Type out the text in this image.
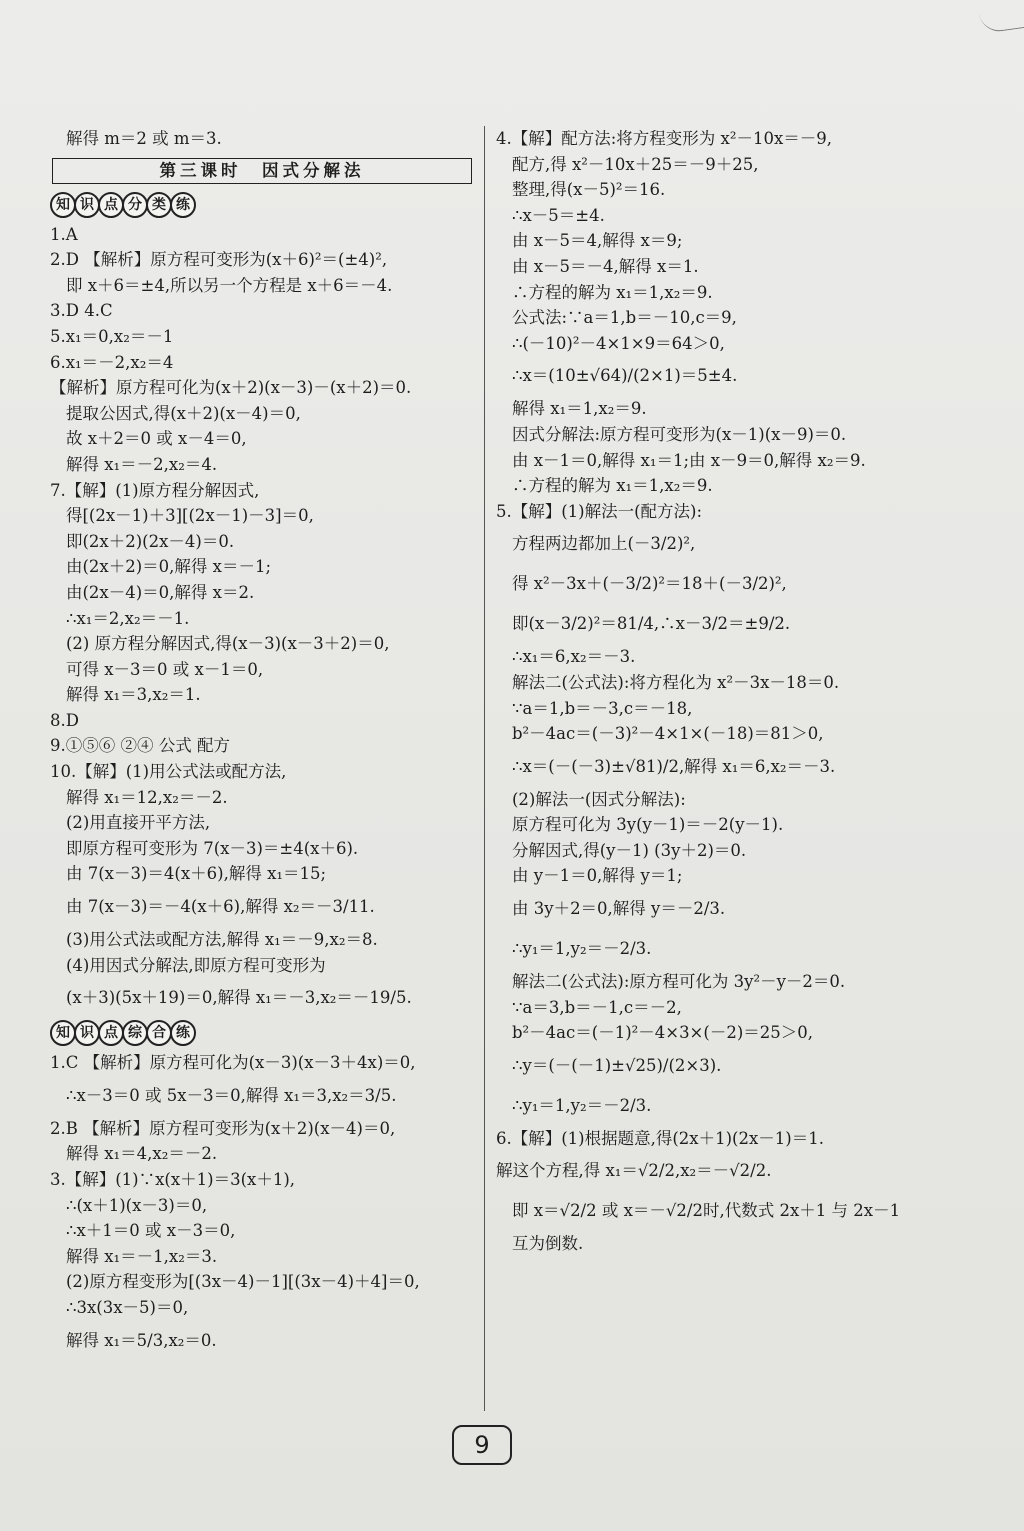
解得 m＝2 或 m＝3.
第三课时　因式分解法
知 识 点 分 类 练
1.A
2.D 【解析】原方程可变形为(x＋6)²＝(±4)²,
即 x＋6＝±4,所以另一个方程是 x＋6＝－4.
3.D 4.C
5.x₁＝0,x₂＝－1
6.x₁＝－2,x₂＝4
【解析】原方程可化为(x＋2)(x－3)－(x＋2)＝0.
提取公因式,得(x＋2)(x－4)＝0,
故 x＋2＝0 或 x－4＝0,
解得 x₁＝－2,x₂＝4.
7.【解】(1)原方程分解因式,
得[(2x－1)＋3][(2x－1)－3]＝0,
即(2x＋2)(2x－4)＝0.
由(2x＋2)＝0,解得 x＝－1;
由(2x－4)＝0,解得 x＝2.
∴x₁＝2,x₂＝－1.
(2) 原方程分解因式,得(x－3)(x－3＋2)＝0,
可得 x－3＝0 或 x－1＝0,
解得 x₁＝3,x₂＝1.
8.D
9.①⑤⑥ ②④ 公式 配方
10.【解】(1)用公式法或配方法,
解得 x₁＝12,x₂＝－2.
(2)用直接开平方法,
即原方程可变形为 7(x－3)＝±4(x＋6).
由 7(x－3)＝4(x＋6),解得 x₁＝15;
由 7(x－3)＝－4(x＋6),解得 x₂＝－3/11.
(3)用公式法或配方法,解得 x₁＝－9,x₂＝8.
(4)用因式分解法,即原方程可变形为
(x＋3)(5x＋19)＝0,解得 x₁＝－3,x₂＝－19/5.
知 识 点 综 合 练
1.C 【解析】原方程可化为(x－3)(x－3＋4x)＝0,
∴x－3＝0 或 5x－3＝0,解得 x₁＝3,x₂＝3/5.
2.B 【解析】原方程可变形为(x＋2)(x－4)＝0,
解得 x₁＝4,x₂＝－2.
3.【解】(1)∵x(x＋1)＝3(x＋1),
∴(x＋1)(x－3)＝0,
∴x＋1＝0 或 x－3＝0,
解得 x₁＝－1,x₂＝3.
(2)原方程变形为[(3x－4)－1][(3x－4)＋4]＝0,
∴3x(3x－5)＝0,
解得 x₁＝5/3,x₂＝0.
4.【解】配方法:将方程变形为 x²－10x＝－9,
配方,得 x²－10x＋25＝－9＋25,
整理,得(x－5)²＝16.
∴x－5＝±4.
由 x－5＝4,解得 x＝9;
由 x－5＝－4,解得 x＝1.
∴方程的解为 x₁＝1,x₂＝9.
公式法:∵a＝1,b＝－10,c＝9,
∴(－10)²－4×1×9＝64＞0,
∴x＝(10±√64)/(2×1)＝5±4.
解得 x₁＝1,x₂＝9.
因式分解法:原方程可变形为(x－1)(x－9)＝0.
由 x－1＝0,解得 x₁＝1;由 x－9＝0,解得 x₂＝9.
∴方程的解为 x₁＝1,x₂＝9.
5.【解】(1)解法一(配方法):
方程两边都加上(－3/2)²,
得 x²－3x＋(－3/2)²＝18＋(－3/2)²,
即(x－3/2)²＝81/4,∴x－3/2＝±9/2.
∴x₁＝6,x₂＝－3.
解法二(公式法):将方程化为 x²－3x－18＝0.
∵a＝1,b＝－3,c＝－18,
b²－4ac＝(－3)²－4×1×(－18)＝81＞0,
∴x＝(－(－3)±√81)/2,解得 x₁＝6,x₂＝－3.
(2)解法一(因式分解法):
原方程可化为 3y(y－1)＝－2(y－1).
分解因式,得(y－1) (3y＋2)＝0.
由 y－1＝0,解得 y＝1;
由 3y＋2＝0,解得 y＝－2/3.
∴y₁＝1,y₂＝－2/3.
解法二(公式法):原方程可化为 3y²－y－2＝0.
∵a＝3,b＝－1,c＝－2,
b²－4ac＝(－1)²－4×3×(－2)＝25＞0,
∴y＝(－(－1)±√25)/(2×3).
∴y₁＝1,y₂＝－2/3.
6.【解】(1)根据题意,得(2x＋1)(2x－1)＝1.
解这个方程,得 x₁＝√2/2,x₂＝－√2/2.
即 x＝√2/2 或 x＝－√2/2时,代数式 2x＋1 与 2x－1
互为倒数.
9
